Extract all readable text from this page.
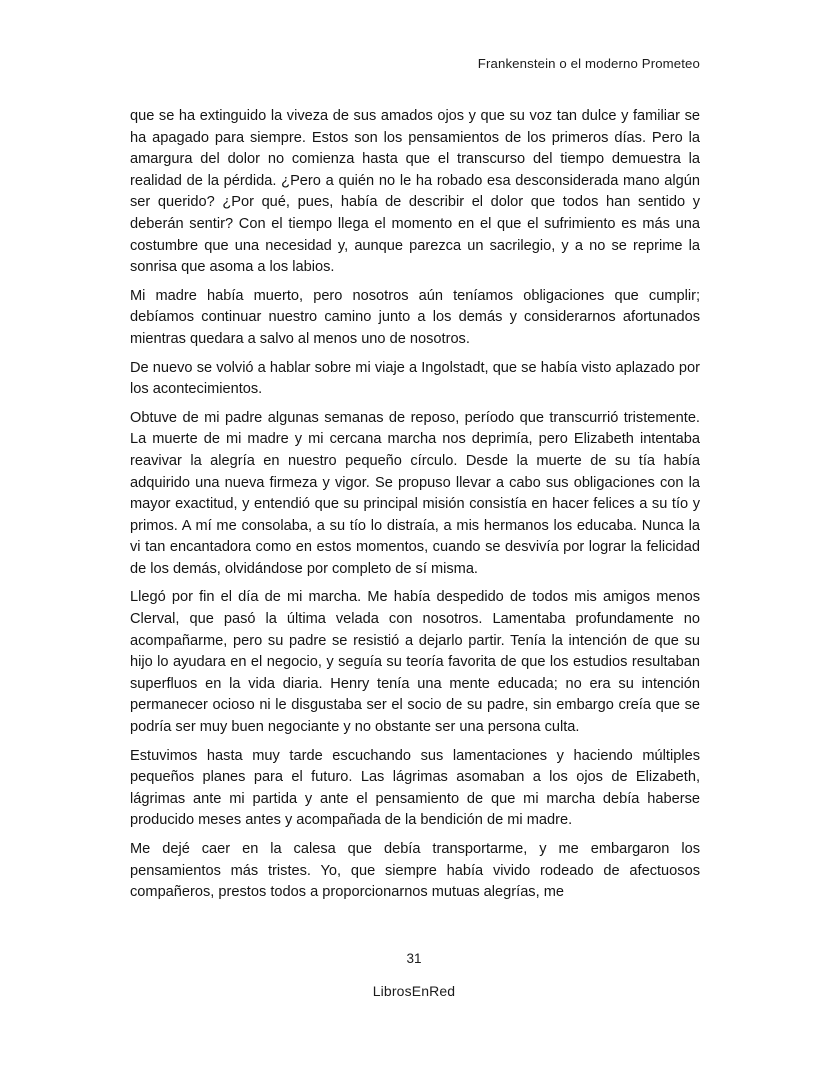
Frankenstein o el moderno Prometeo

que se ha extinguido la viveza de sus amados ojos y que su voz tan dulce y familiar se ha apagado para siempre. Estos son los pensamientos de los primeros días. Pero la amargura del dolor no comienza hasta que el transcurso del tiempo demuestra la realidad de la pérdida. ¿Pero a quién no le ha robado esa desconsiderada mano algún ser querido? ¿Por qué, pues, había de describir el dolor que todos han sentido y deberán sentir? Con el tiempo llega el momento en el que el sufrimiento es más una costumbre que una necesidad y, aunque parezca un sacrilegio, y a no se reprime la sonrisa que asoma a los labios.

Mi madre había muerto, pero nosotros aún teníamos obligaciones que cumplir; debíamos continuar nuestro camino junto a los demás y considerarnos afortunados mientras quedara a salvo al menos uno de nosotros.

De nuevo se volvió a hablar sobre mi viaje a Ingolstadt, que se había visto aplazado por los acontecimientos.

Obtuve de mi padre algunas semanas de reposo, período que transcurrió tristemente. La muerte de mi madre y mi cercana marcha nos deprimía, pero Elizabeth intentaba reavivar la alegría en nuestro pequeño círculo. Desde la muerte de su tía había adquirido una nueva firmeza y vigor. Se propuso llevar a cabo sus obligaciones con la mayor exactitud, y entendió que su principal misión consistía en hacer felices a su tío y primos. A mí me consolaba, a su tío lo distraía, a mis hermanos los educaba. Nunca la vi tan encantadora como en estos momentos, cuando se desvivía por lograr la felicidad de los demás, olvidándose por completo de sí misma.

Llegó por fin el día de mi marcha. Me había despedido de todos mis amigos menos Clerval, que pasó la última velada con nosotros. Lamentaba profundamente no acompañarme, pero su padre se resistió a dejarlo partir. Tenía la intención de que su hijo lo ayudara en el negocio, y seguía su teoría favorita de que los estudios resultaban superfluos en la vida diaria. Henry tenía una mente educada; no era su intención permanecer ocioso ni le disgustaba ser el socio de su padre, sin embargo creía que se podría ser muy buen negociante y no obstante ser una persona culta.

Estuvimos hasta muy tarde escuchando sus lamentaciones y haciendo múltiples pequeños planes para el futuro. Las lágrimas asomaban a los ojos de Elizabeth, lágrimas ante mi partida y ante el pensamiento de que mi marcha debía haberse producido meses antes y acompañada de la bendición de mi madre.

Me dejé caer en la calesa que debía transportarme, y me embargaron los pensamientos más tristes. Yo, que siempre había vivido rodeado de afectuosos compañeros, prestos todos a proporcionarnos mutuas alegrías, me

31
LibrosEnRed
